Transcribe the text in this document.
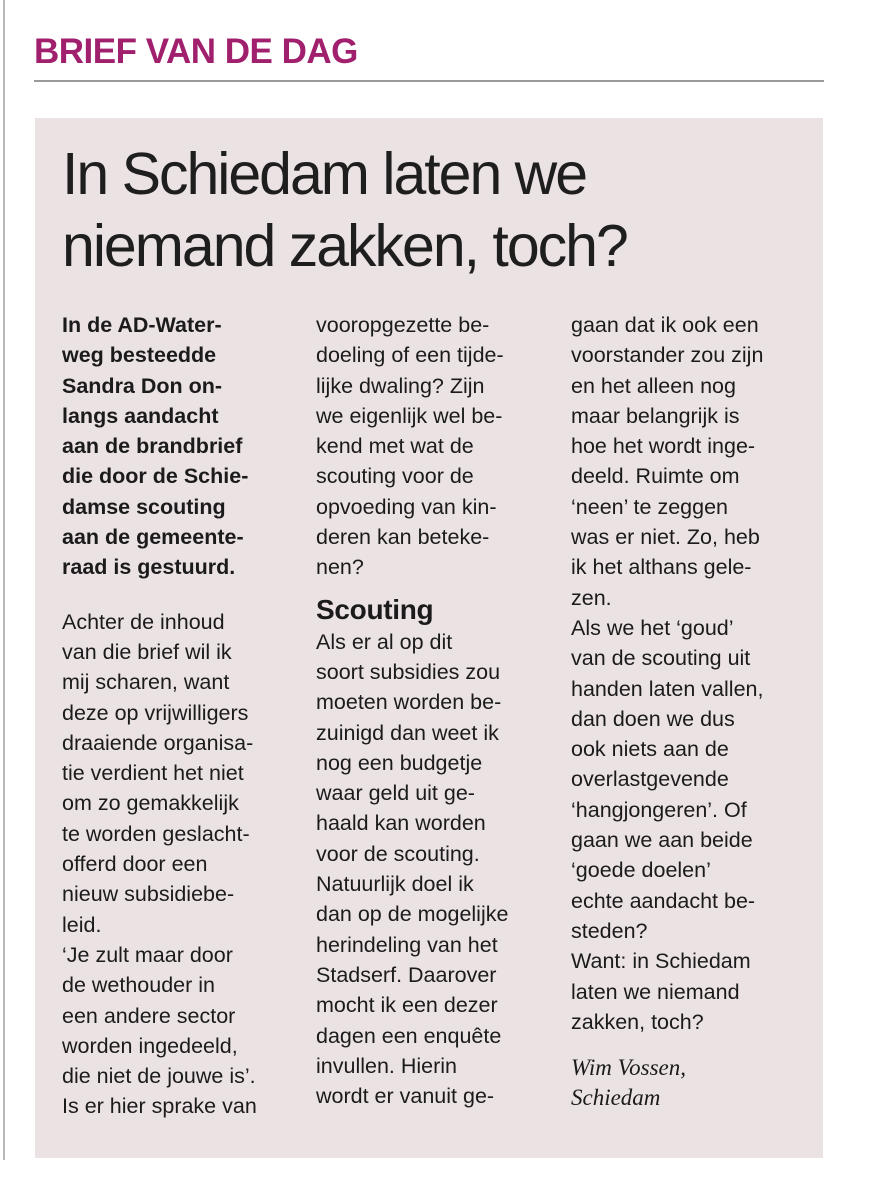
BRIEF VAN DE DAG
In Schiedam laten we
niemand zakken, toch?
In de AD-Water-
weg besteedde
Sandra Don on-
langs aandacht
aan de brandbrief
die door de Schie-
damse scouting
aan de gemeente-
raad is gestuurd.
Achter de inhoud
van die brief wil ik
mij scharen, want
deze op vrijwilligers
draaiende organisa-
tie verdient het niet
om zo gemakkelijk
te worden geslacht-
offerd door een
nieuw subsidiebe-
leid.
‘Je zult maar door
de wethouder in
een andere sector
worden ingedeeld,
die niet de jouwe is’.
Is er hier sprake van
vooropgezette be-
doeling of een tijde-
lijke dwaling? Zijn
we eigenlijk wel be-
kend met wat de
scouting voor de
opvoeding van kin-
deren kan beteke-
nen?
Scouting
Als er al op dit
soort subsidies zou
moeten worden be-
zuinigd dan weet ik
nog een budgetje
waar geld uit ge-
haald kan worden
voor de scouting.
Natuurlijk doel ik
dan op de mogelijke
herindeling van het
Stadserf. Daarover
mocht ik een dezer
dagen een enquête
invullen. Hierin
wordt er vanuit ge-
gaan dat ik ook een
voorstander zou zijn
en het alleen nog
maar belangrijk is
hoe het wordt inge-
deeld. Ruimte om
‘neen’ te zeggen
was er niet. Zo, heb
ik het althans gele-
zen.
Als we het ‘goud’
van de scouting uit
handen laten vallen,
dan doen we dus
ook niets aan de
overlastgevende
‘hangjongeren’. Of
gaan we aan beide
‘goede doelen’
echte aandacht be-
steden?
Want: in Schiedam
laten we niemand
zakken, toch?
Wim Vossen,
Schiedam
